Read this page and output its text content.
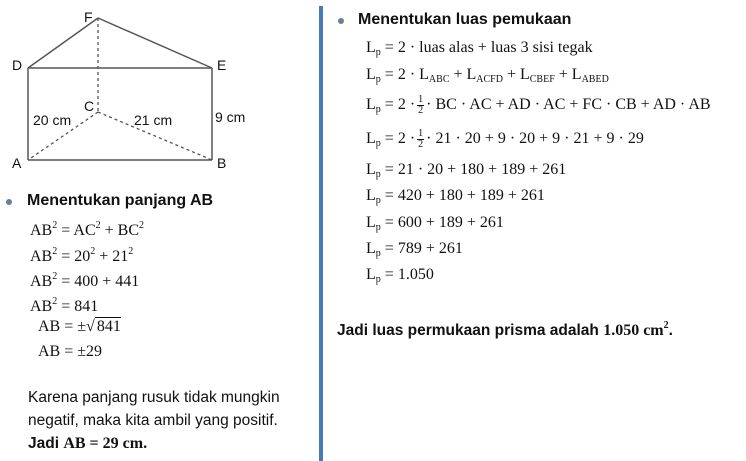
F
D	E
C
A	B
20 cm	21 cm	9 cm
Menentukan panjang AB
$AB^2 = AC^2 + BC^2$
$AB^2 = 20^2 + 21^2$
$AB^2 = 400 + 441$
$AB^2 = 841$
AB = ±√ 841
AB = ±29
Karena panjang rusuk tidak mungkin
negatif, maka kita ambil yang positif.
Jadi AB = 29 cm.
Menentukan luas pemukaan
$L_p = 2$ · luas alas + luas 3 sisi tegak
$L_p = 2 \cdot L_{ABC} + L_{ACFD} + L_{CBEF} + L_{ABED}$
$L_p = 2 \cdot \frac{1}{2}$ · BC · AC + AD · AC + FC · CB + AD · AB
$L_p = 2 \cdot \frac{1}{2} \cdot 21 \cdot 20 + 9 \cdot 20 + 9 \cdot 21 + 9 \cdot 29$
$L_p = 21 \cdot 20 + 180 + 189 + 261$
$L_p = 420 + 180 + 189 + 261$
$L_p = 600 + 189 + 261$
$L_p = 789 + 261$
$L_p = 1.050$
Jadi luas permukaan prisma adalah 1.050 $cm^2$.
